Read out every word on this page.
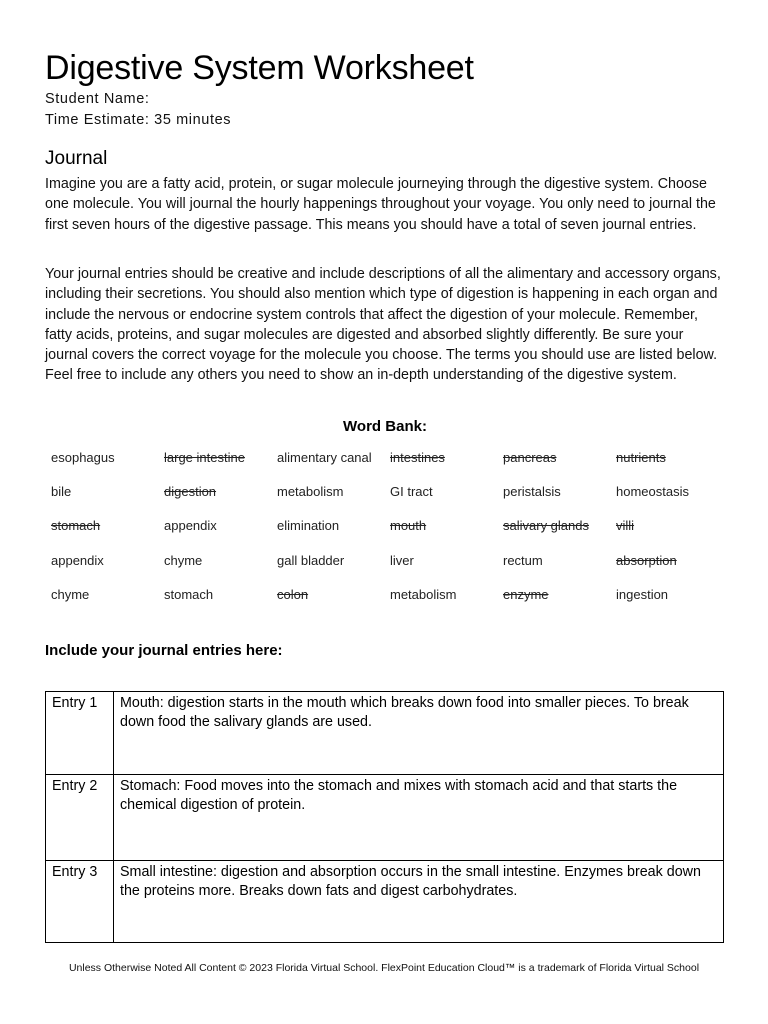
Digestive System Worksheet
Student Name:
Time Estimate: 35 minutes
Journal
Imagine you are a fatty acid, protein, or sugar molecule journeying through the digestive system. Choose one molecule. You will journal the hourly happenings throughout your voyage. You only need to journal the first seven hours of the digestive passage. This means you should have a total of seven journal entries.
Your journal entries should be creative and include descriptions of all the alimentary and accessory organs, including their secretions. You should also mention which type of digestion is happening in each organ and include the nervous or endocrine system controls that affect the digestion of your molecule. Remember, fatty acids, proteins, and sugar molecules are digested and absorbed slightly differently. Be sure your journal covers the correct voyage for the molecule you choose. The terms you should use are listed below. Feel free to include any others you need to show an in-depth understanding of the digestive system.
Word Bank:
esophagus	large intestine	alimentary canal	intestines	pancreas	nutrients
bile	digestion	metabolism	GI tract	peristalsis	homeostasis
stomach	appendix	elimination	mouth	salivary glands	villi
appendix	chyme	gall bladder	liver	rectum	absorption
chyme	stomach	colon	metabolism	enzyme	ingestion
Include your journal entries here:
Entry 1	Mouth: digestion starts in the mouth which breaks down food into smaller pieces. To break down food the salivary glands are used.
Entry 2	Stomach: Food moves into the stomach and mixes with stomach acid and that starts the chemical digestion of protein.
Entry 3	Small intestine: digestion and absorption occurs in the small intestine. Enzymes break down the proteins more. Breaks down fats and digest carbohydrates.
Unless Otherwise Noted All Content © 2023 Florida Virtual School. FlexPoint Education Cloud™ is a trademark of Florida Virtual School
